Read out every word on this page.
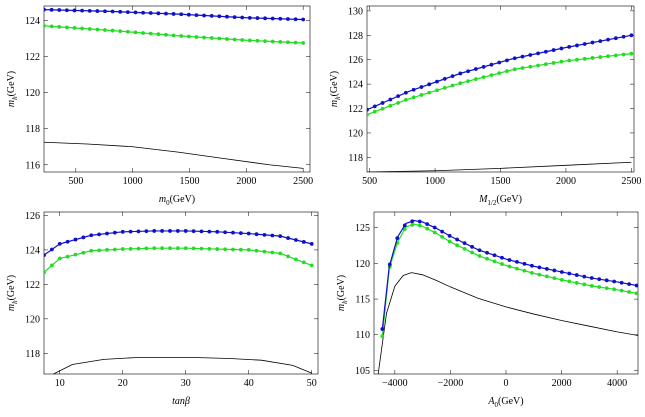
500	1000	1500	2000	2500
116
118
120
122
124
$m_0(GeV)$
$m_h(GeV)$
500	1000	1500	2000	2500
118
120
122
124
126
128
130
$M_{1/2}(GeV)$
$m_h(GeV)$
10	20	30	40	50
118
120
122
124
126
tanβ
$m_h(GeV)$
−4000	−2000	0	2000	4000
105
110
115
120
125
$A_0(GeV)$
$m_h(GeV)$
